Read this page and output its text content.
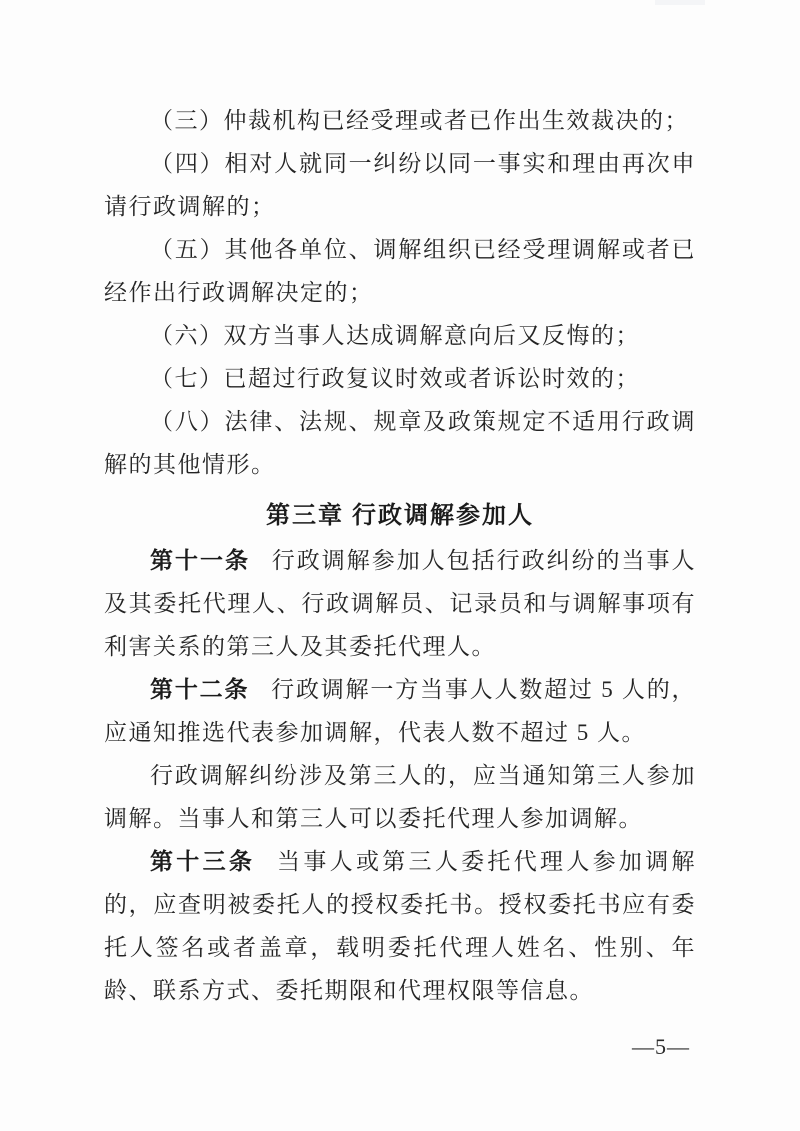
（三）仲裁机构已经受理或者已作出生效裁决的；

（四）相对人就同一纠纷以同一事实和理由再次申请行政调解的；

（五）其他各单位、调解组织已经受理调解或者已经作出行政调解决定的；

（六）双方当事人达成调解意向后又反悔的；

（七）已超过行政复议时效或者诉讼时效的；

（八）法律、法规、规章及政策规定不适用行政调解的其他情形。

第三章 行政调解参加人

第十一条 行政调解参加人包括行政纠纷的当事人及其委托代理人、行政调解员、记录员和与调解事项有利害关系的第三人及其委托代理人。

第十二条 行政调解一方当事人人数超过 5 人的，应通知推选代表参加调解，代表人数不超过 5 人。

行政调解纠纷涉及第三人的，应当通知第三人参加调解。当事人和第三人可以委托代理人参加调解。

第十三条 当事人或第三人委托代理人参加调解的，应查明被委托人的授权委托书。授权委托书应有委托人签名或者盖章，载明委托代理人姓名、性别、年龄、联系方式、委托期限和代理权限等信息。

—5—
